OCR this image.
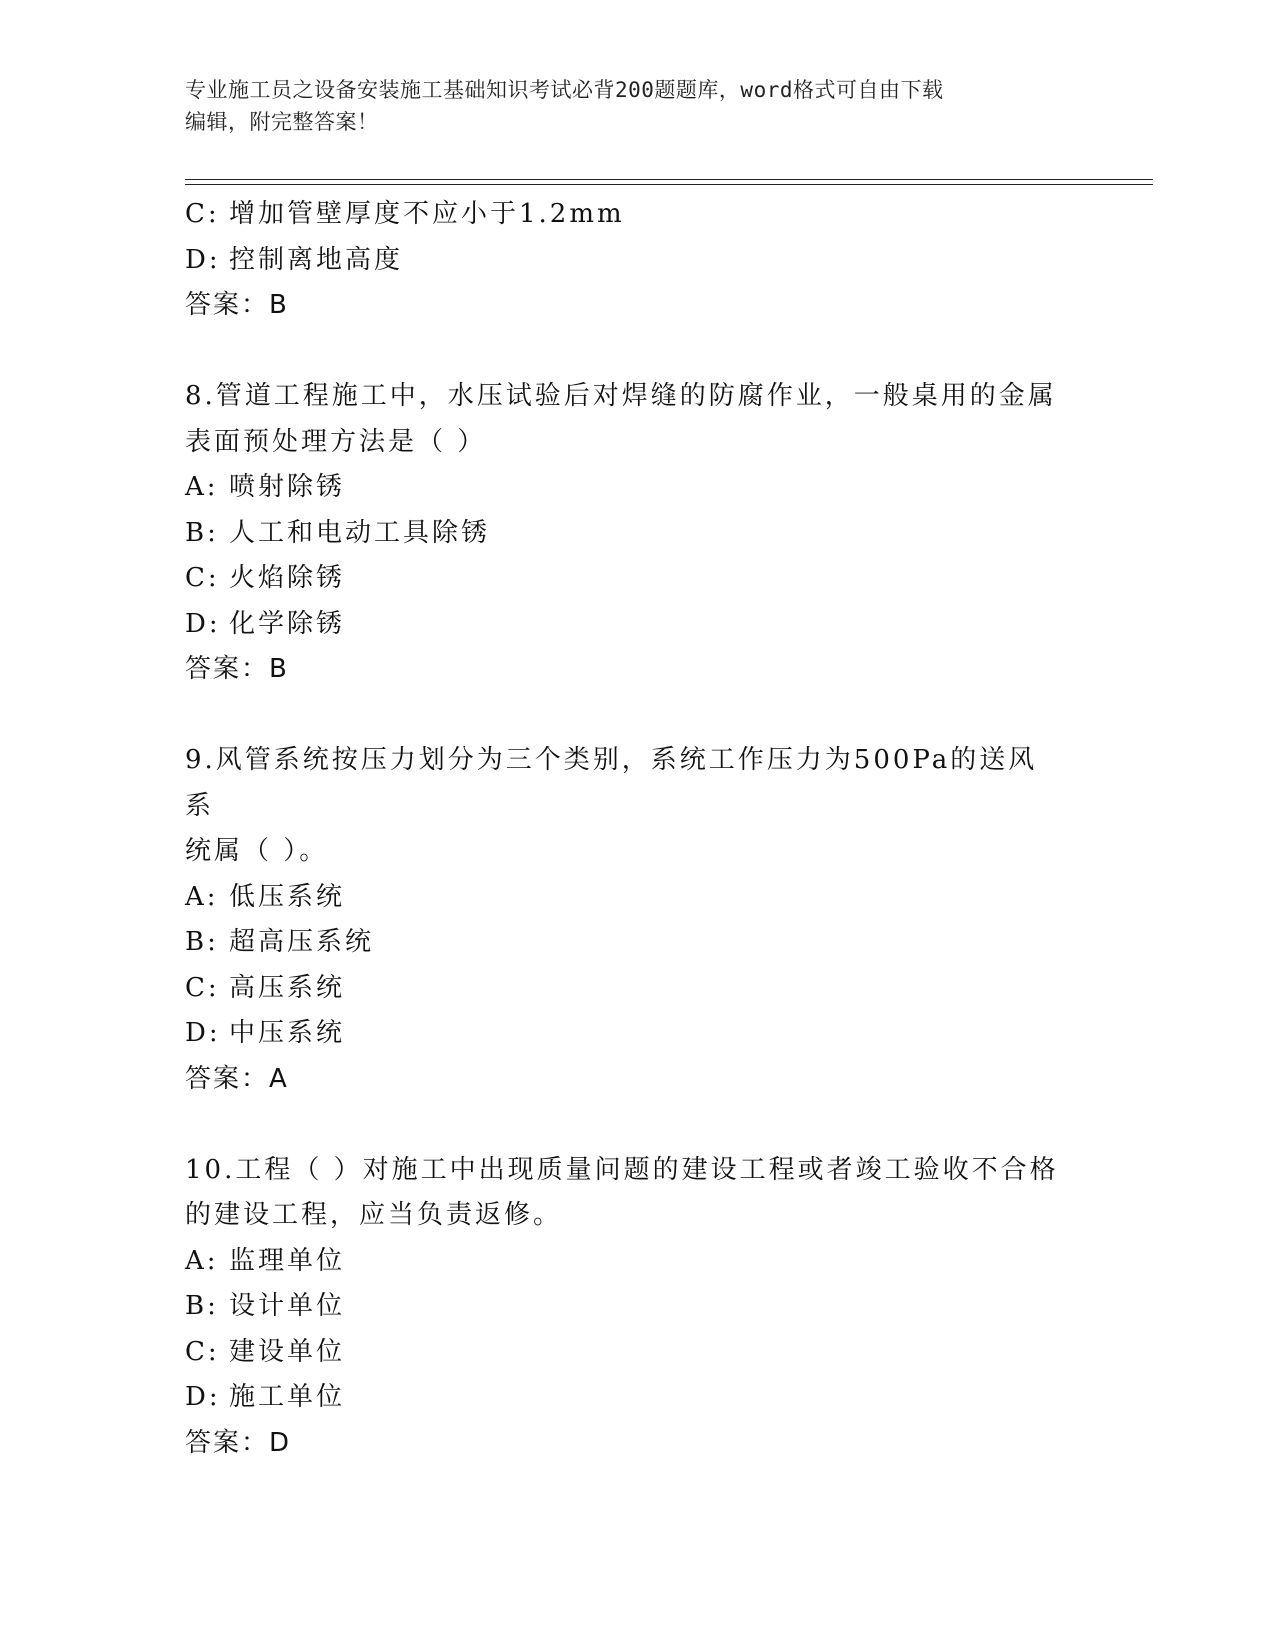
专业施工员之设备安装施工基础知识考试必背200题题库，word格式可自由下载
编辑，附完整答案！
C: 增加管壁厚度不应小于1.2mm
D: 控制离地高度
答案：B
8.管道工程施工中，水压试验后对焊缝的防腐作业，一般桌用的金属
表面预处理方法是（ ）
A: 喷射除锈
B: 人工和电动工具除锈
C: 火焰除锈
D: 化学除锈
答案：B
9.风管系统按压力划分为三个类别，系统工作压力为500Pa的送风系
统属（ ）。
A: 低压系统
B: 超高压系统
C: 高压系统
D: 中压系统
答案：A
10.工程（ ）对施工中出现质量问题的建设工程或者竣工验收不合格
的建设工程，应当负责返修。
A: 监理单位
B: 设计单位
C: 建设单位
D: 施工单位
答案：D
